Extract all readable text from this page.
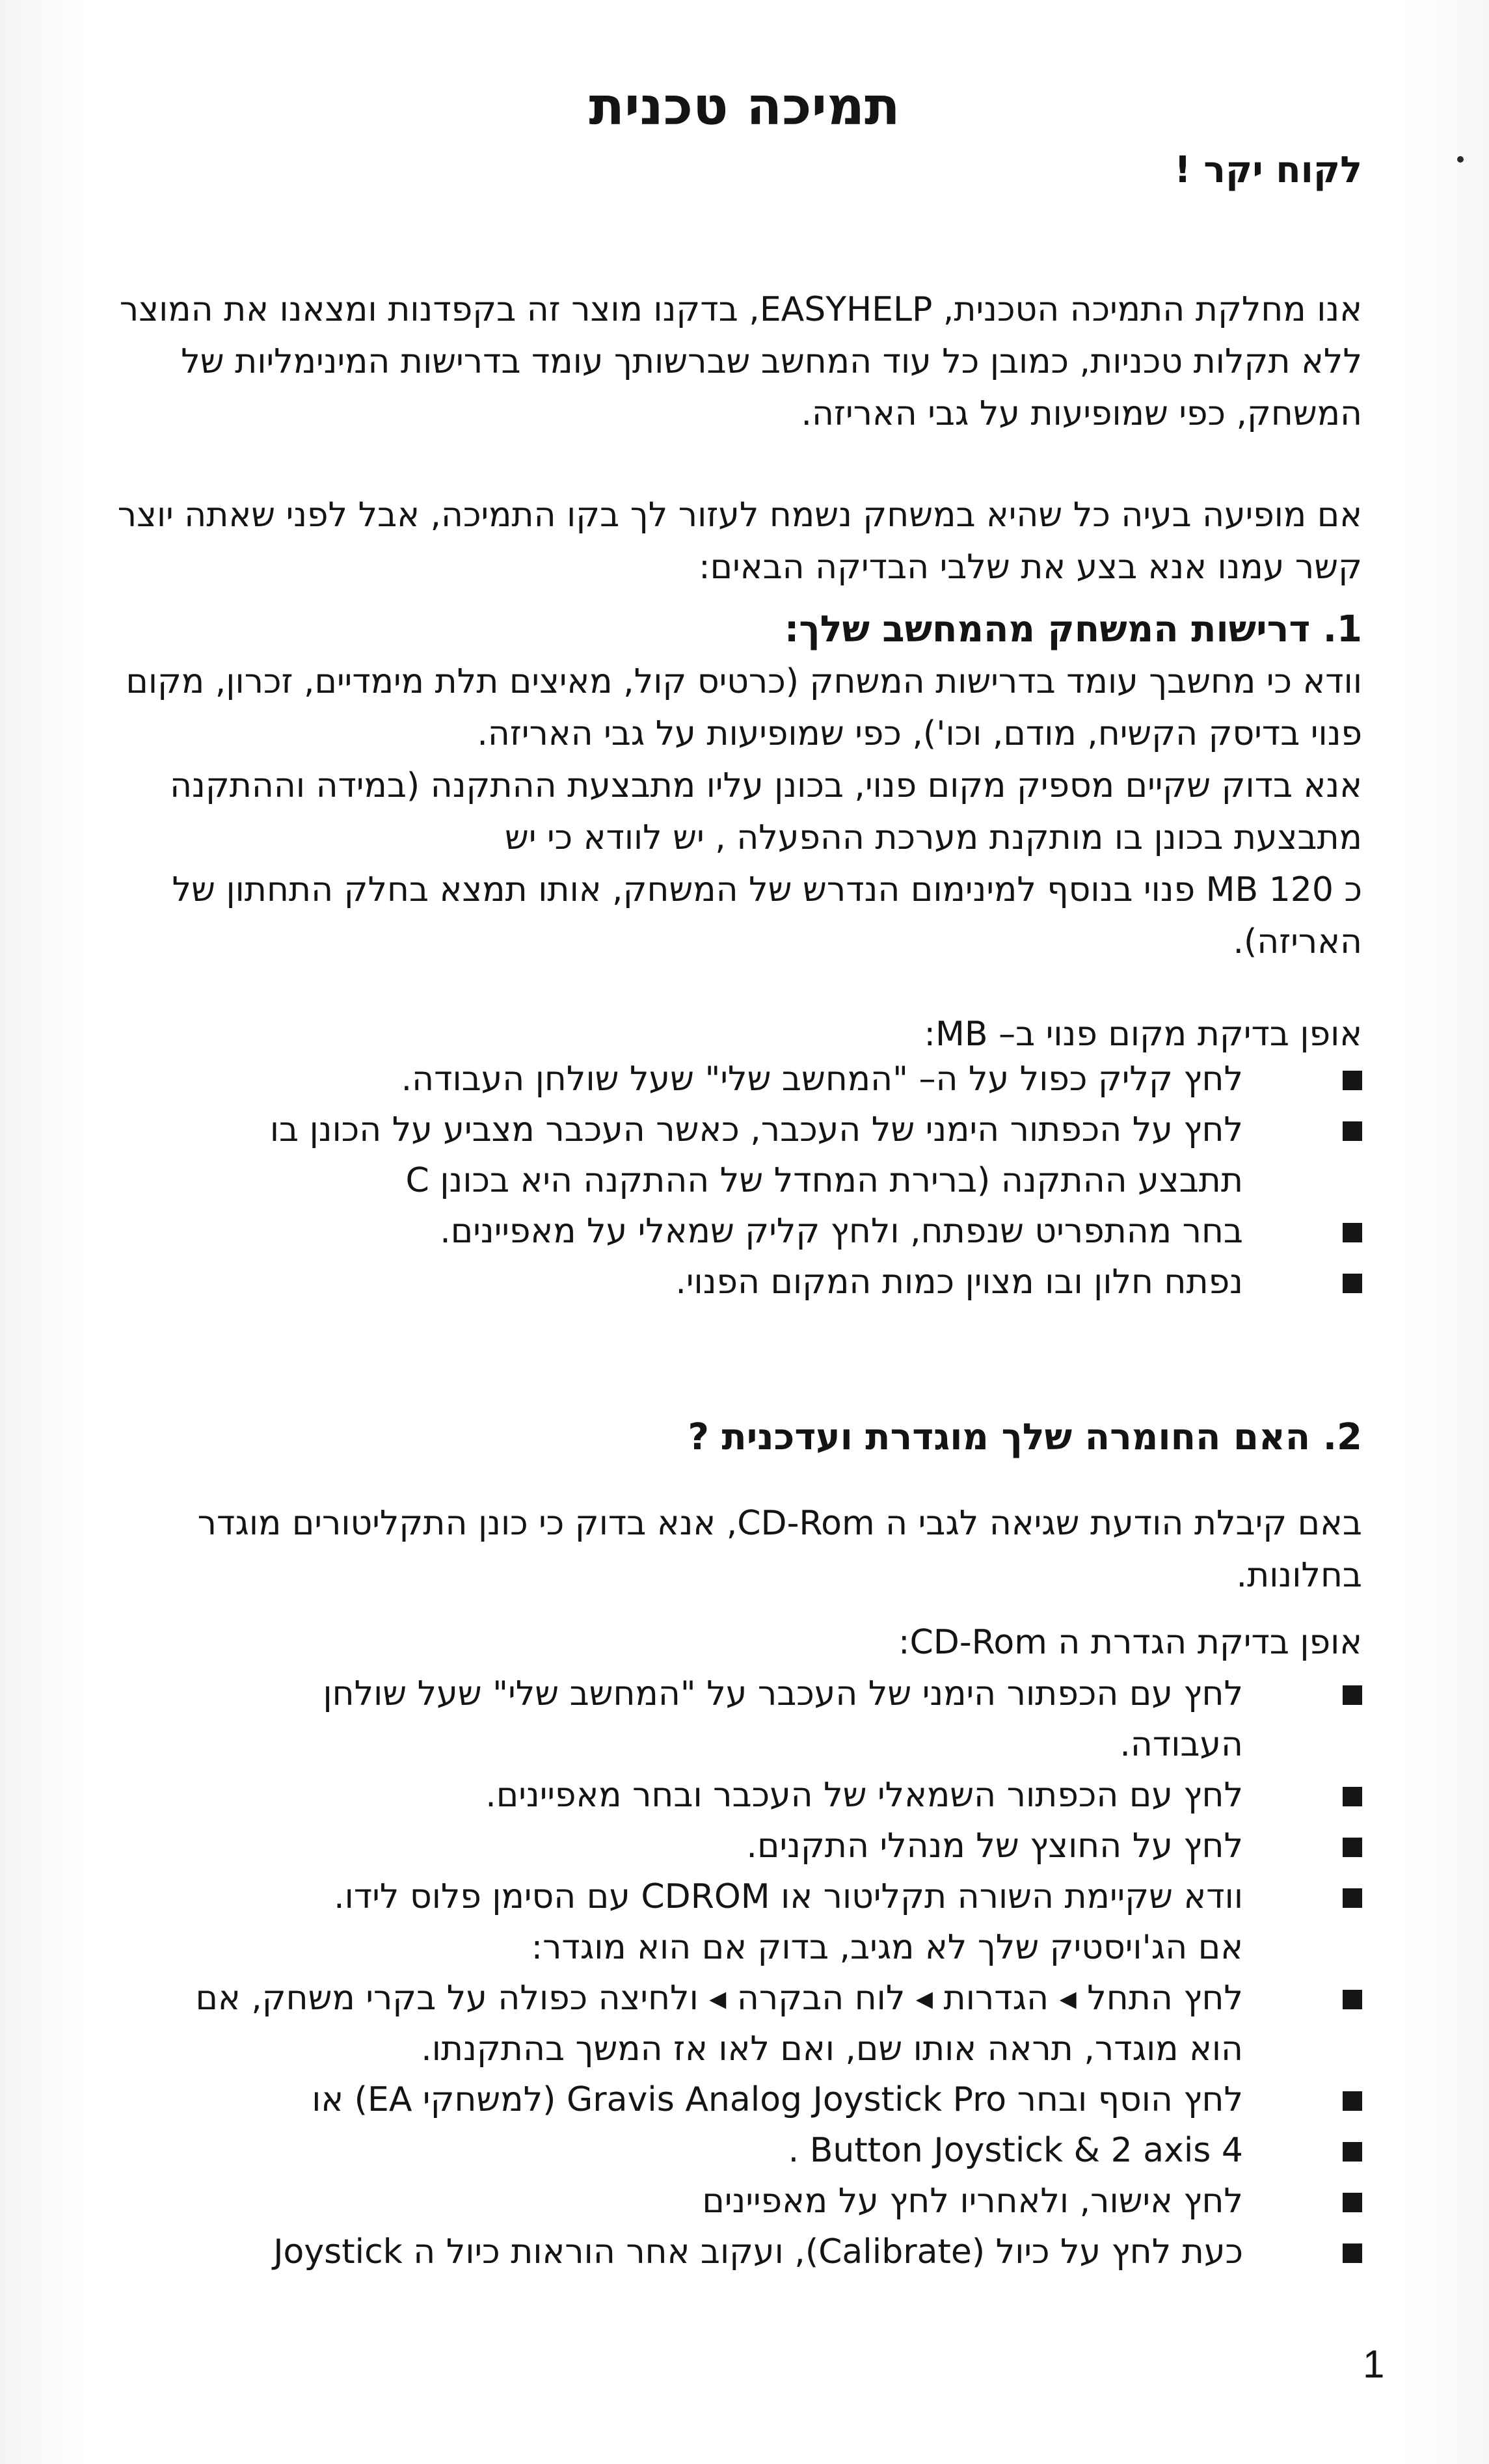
תמיכה טכנית
לקוח יקר !

אנו מחלקת התמיכה הטכנית, EASYHELP, בדקנו מוצר זה בקפדנות ומצאנו את המוצר ללא תקלות טכניות, כמובן כל עוד המחשב שברשותך עומד בדרישות המינימליות של המשחק, כפי שמופיעות על גבי האריזה.

אם מופיעה בעיה כל שהיא במשחק נשמח לעזור לך בקו התמיכה, אבל לפני שאתה יוצר קשר עמנו אנא בצע את שלבי הבדיקה הבאים:

1. דרישות המשחק מהמחשב שלך:

וודא כי מחשבך עומד בדרישות המשחק (כרטיס קול, מאיצים תלת מימדיים, זכרון, מקום פנוי בדיסק הקשיח, מודם, וכו'), כפי שמופיעות על גבי האריזה.

אנא בדוק שקיים מספיק מקום פנוי, בכונן עליו מתבצעת ההתקנה (במידה וההתקנה מתבצעת בכונן בו מותקנת מערכת ההפעלה , יש לוודא כי יש

כ 120 MB פנוי בנוסף למינימום הנדרש של המשחק, אותו תמצא בחלק התחתון של האריזה).

אופן בדיקת מקום פנוי ב– MB:
לחץ קליק כפול על ה– "המחשב שלי" שעל שולחן העבודה.
לחץ על הכפתור הימני של העכבר, כאשר העכבר מצביע על הכונן בו תתבצע ההתקנה (ברירת המחדל של ההתקנה היא בכונן C
בחר מהתפריט שנפתח, ולחץ קליק שמאלי על מאפיינים.
נפתח חלון ובו מצוין כמות המקום הפנוי.
2. האם החומרה שלך מוגדרת ועדכנית ?

באם קיבלת הודעת שגיאה לגבי ה CD-Rom, אנא בדוק כי כונן התקליטורים מוגדר בחלונות.

אופן בדיקת הגדרת ה CD-Rom:
לחץ עם הכפתור הימני של העכבר על "המחשב שלי" שעל שולחן העבודה.
לחץ עם הכפתור השמאלי של העכבר ובחר מאפיינים.
לחץ על החוצץ של מנהלי התקנים.
וודא שקיימת השורה תקליטור או CDROM עם הסימן פלוס לידו.
אם הג'ויסטיק שלך לא מגיב, בדוק אם הוא מוגדר:
לחץ התחל ◂ הגדרות ◂ לוח הבקרה ◂ ולחיצה כפולה על בקרי משחק, אם הוא מוגדר, תראה אותו שם, ואם לאו אז המשך בהתקנתו.
לחץ הוסף ובחר Gravis Analog Joystick Pro (למשחקי EA) או
4 Button Joystick & 2 axis .
לחץ אישור, ולאחריו לחץ על מאפיינים
כעת לחץ על כיול (Calibrate), ועקוב אחר הוראות כיול ה Joystick
1
